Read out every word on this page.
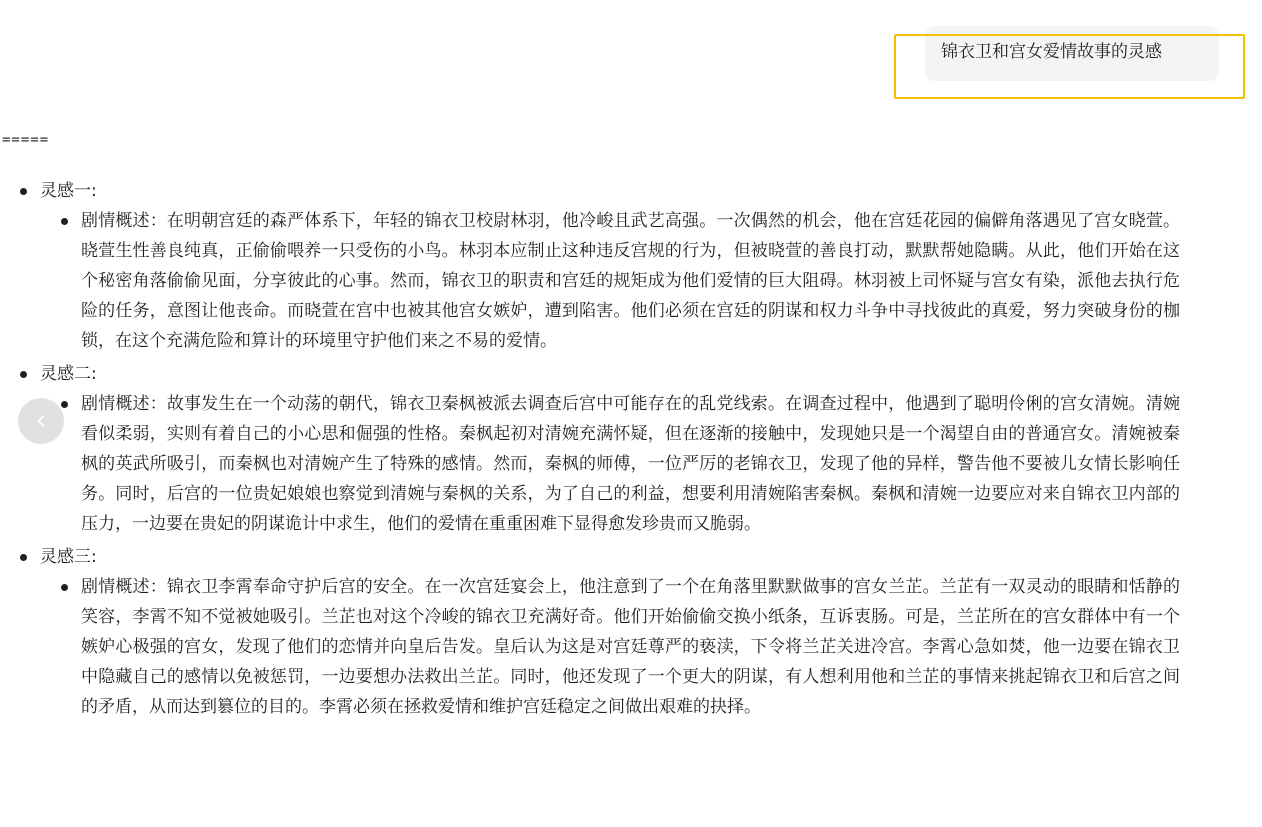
锦衣卫和宫女爱情故事的灵感
=====
灵感一:
剧情概述：在明朝宫廷的森严体系下，年轻的锦衣卫校尉林羽，他冷峻且武艺高强。一次偶然的机会，他在宫廷花园的偏僻角落遇见了宫女晓萱。晓萱生性善良纯真，正偷偷喂养一只受伤的小鸟。林羽本应制止这种违反宫规的行为，但被晓萱的善良打动，默默帮她隐瞒。从此，他们开始在这个秘密角落偷偷见面，分享彼此的心事。然而，锦衣卫的职责和宫廷的规矩成为他们爱情的巨大阻碍。林羽被上司怀疑与宫女有染，派他去执行危险的任务，意图让他丧命。而晓萱在宫中也被其他宫女嫉妒，遭到陷害。他们必须在宫廷的阴谋和权力斗争中寻找彼此的真爱，努力突破身份的枷锁，在这个充满危险和算计的环境里守护他们来之不易的爱情。
灵感二:
剧情概述：故事发生在一个动荡的朝代，锦衣卫秦枫被派去调查后宫中可能存在的乱党线索。在调查过程中，他遇到了聪明伶俐的宫女清婉。清婉看似柔弱，实则有着自己的小心思和倔强的性格。秦枫起初对清婉充满怀疑，但在逐渐的接触中，发现她只是一个渴望自由的普通宫女。清婉被秦枫的英武所吸引，而秦枫也对清婉产生了特殊的感情。然而，秦枫的师傅，一位严厉的老锦衣卫，发现了他的异样，警告他不要被儿女情长影响任务。同时，后宫的一位贵妃娘娘也察觉到清婉与秦枫的关系，为了自己的利益，想要利用清婉陷害秦枫。秦枫和清婉一边要应对来自锦衣卫内部的压力，一边要在贵妃的阴谋诡计中求生，他们的爱情在重重困难下显得愈发珍贵而又脆弱。
灵感三:
剧情概述：锦衣卫李霄奉命守护后宫的安全。在一次宫廷宴会上，他注意到了一个在角落里默默做事的宫女兰芷。兰芷有一双灵动的眼睛和恬静的笑容，李霄不知不觉被她吸引。兰芷也对这个冷峻的锦衣卫充满好奇。他们开始偷偷交换小纸条，互诉衷肠。可是，兰芷所在的宫女群体中有一个嫉妒心极强的宫女，发现了他们的恋情并向皇后告发。皇后认为这是对宫廷尊严的亵渎，下令将兰芷关进冷宫。李霄心急如焚，他一边要在锦衣卫中隐藏自己的感情以免被惩罚，一边要想办法救出兰芷。同时，他还发现了一个更大的阴谋，有人想利用他和兰芷的事情来挑起锦衣卫和后宫之间的矛盾，从而达到篡位的目的。李霄必须在拯救爱情和维护宫廷稳定之间做出艰难的抉择。
